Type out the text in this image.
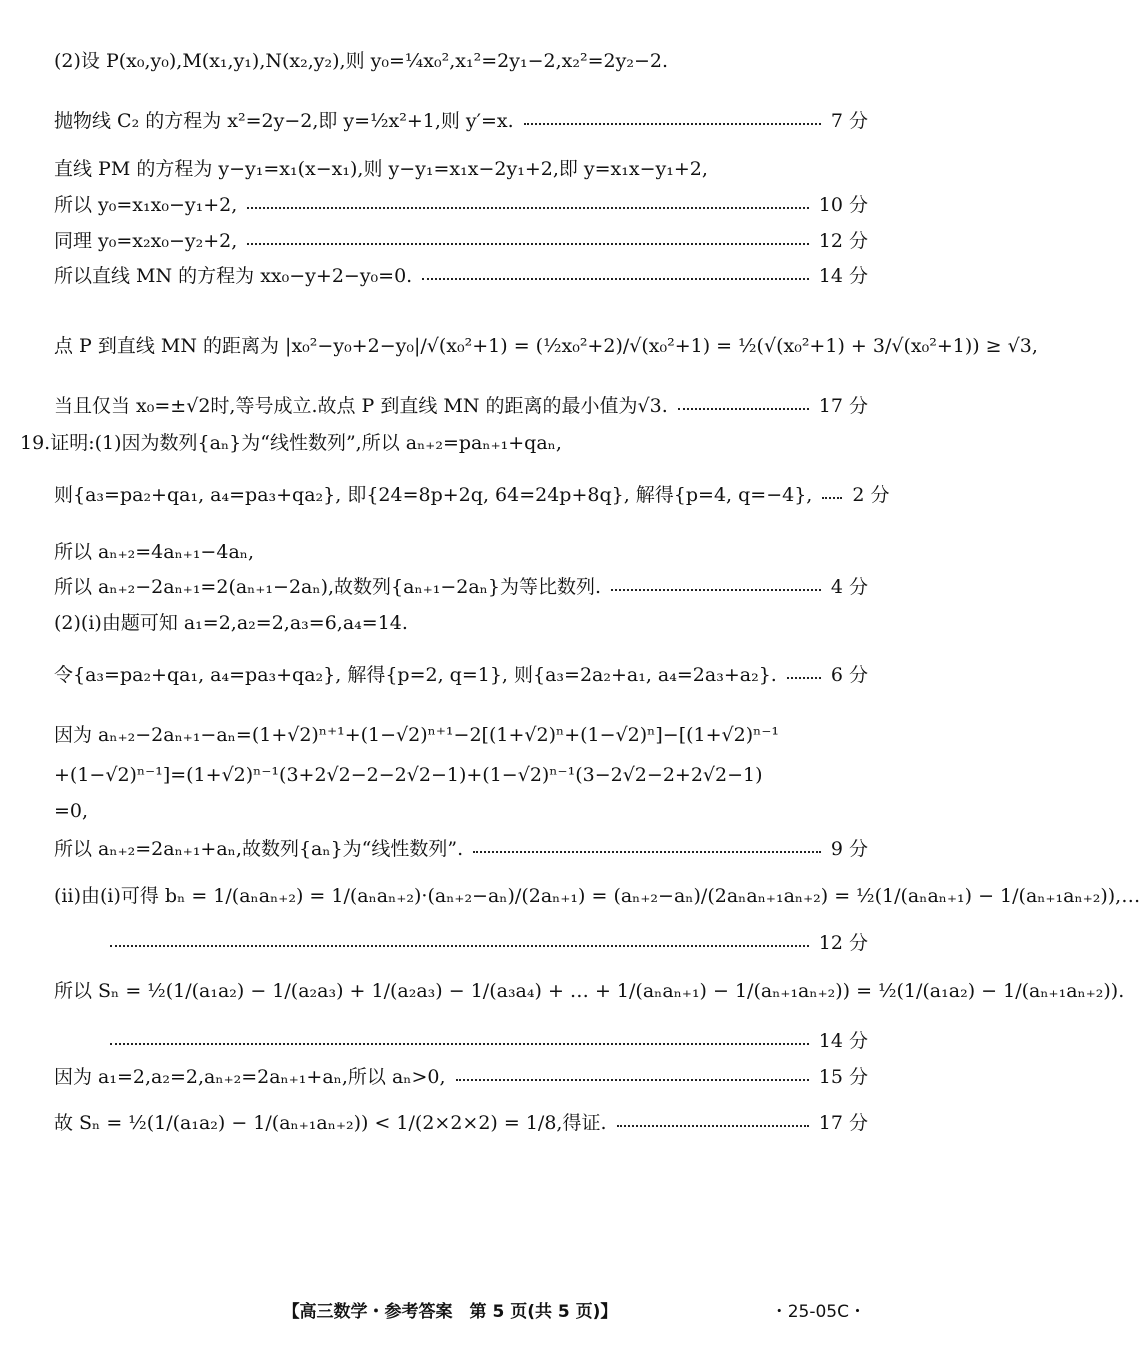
(2)设 P(x₀,y₀),M(x₁,y₁),N(x₂,y₂),则 y₀=¼x₀²,x₁²=2y₁−2,x₂²=2y₂−2.
抛物线 C₂ 的方程为 x²=2y−2,即 y=½x²+1,则 y′=x.	7 分
直线 PM 的方程为 y−y₁=x₁(x−x₁),则 y−y₁=x₁x−2y₁+2,即 y=x₁x−y₁+2,
所以 y₀=x₁x₀−y₁+2,	10 分
同理 y₀=x₂x₀−y₂+2,	12 分
所以直线 MN 的方程为 xx₀−y+2−y₀=0.	14 分
点 P 到直线 MN 的距离为 |x₀²−y₀+2−y₀|/√(x₀²+1) = (½x₀²+2)/√(x₀²+1) = ½(√(x₀²+1) + 3/√(x₀²+1)) ≥ √3,
当且仅当 x₀=±√2时,等号成立.故点 P 到直线 MN 的距离的最小值为√3.	17 分
19.证明:(1)因为数列{aₙ}为“线性数列”,所以 aₙ₊₂=paₙ₊₁+qaₙ,
则{a₃=pa₂+qa₁, a₄=pa₃+qa₂}, 即{24=8p+2q, 64=24p+8q}, 解得{p=4, q=−4}, 2 分
所以 aₙ₊₂=4aₙ₊₁−4aₙ,
所以 aₙ₊₂−2aₙ₊₁=2(aₙ₊₁−2aₙ),故数列{aₙ₊₁−2aₙ}为等比数列.	4 分
(2)(ⅰ)由题可知 a₁=2,a₂=2,a₃=6,a₄=14.
令{a₃=pa₂+qa₁, a₄=pa₃+qa₂}, 解得{p=2, q=1}, 则{a₃=2a₂+a₁, a₄=2a₃+a₂}.	6 分
因为 aₙ₊₂−2aₙ₊₁−aₙ=(1+√2)ⁿ⁺¹+(1−√2)ⁿ⁺¹−2[(1+√2)ⁿ+(1−√2)ⁿ]−[(1+√2)ⁿ⁻¹
+(1−√2)ⁿ⁻¹]=(1+√2)ⁿ⁻¹(3+2√2−2−2√2−1)+(1−√2)ⁿ⁻¹(3−2√2−2+2√2−1)
=0,
所以 aₙ₊₂=2aₙ₊₁+aₙ,故数列{aₙ}为“线性数列”.	9 分
(ⅱ)由(ⅰ)可得 bₙ = 1/(aₙaₙ₊₂) = 1/(aₙaₙ₊₂)·(aₙ₊₂−aₙ)/(2aₙ₊₁) = (aₙ₊₂−aₙ)/(2aₙaₙ₊₁aₙ₊₂) = ½(1/(aₙaₙ₊₁) − 1/(aₙ₊₁aₙ₊₂)),…
12 分
所以 Sₙ = ½(1/(a₁a₂) − 1/(a₂a₃) + 1/(a₂a₃) − 1/(a₃a₄) + … + 1/(aₙaₙ₊₁) − 1/(aₙ₊₁aₙ₊₂)) = ½(1/(a₁a₂) − 1/(aₙ₊₁aₙ₊₂)).
14 分
因为 a₁=2,a₂=2,aₙ₊₂=2aₙ₊₁+aₙ,所以 aₙ>0,	15 分
故 Sₙ = ½(1/(a₁a₂) − 1/(aₙ₊₁aₙ₊₂)) < 1/(2×2×2) = 1/8,得证.	17 分
【高三数学・参考答案　第 5 页(共 5 页)】	・25-05C・
